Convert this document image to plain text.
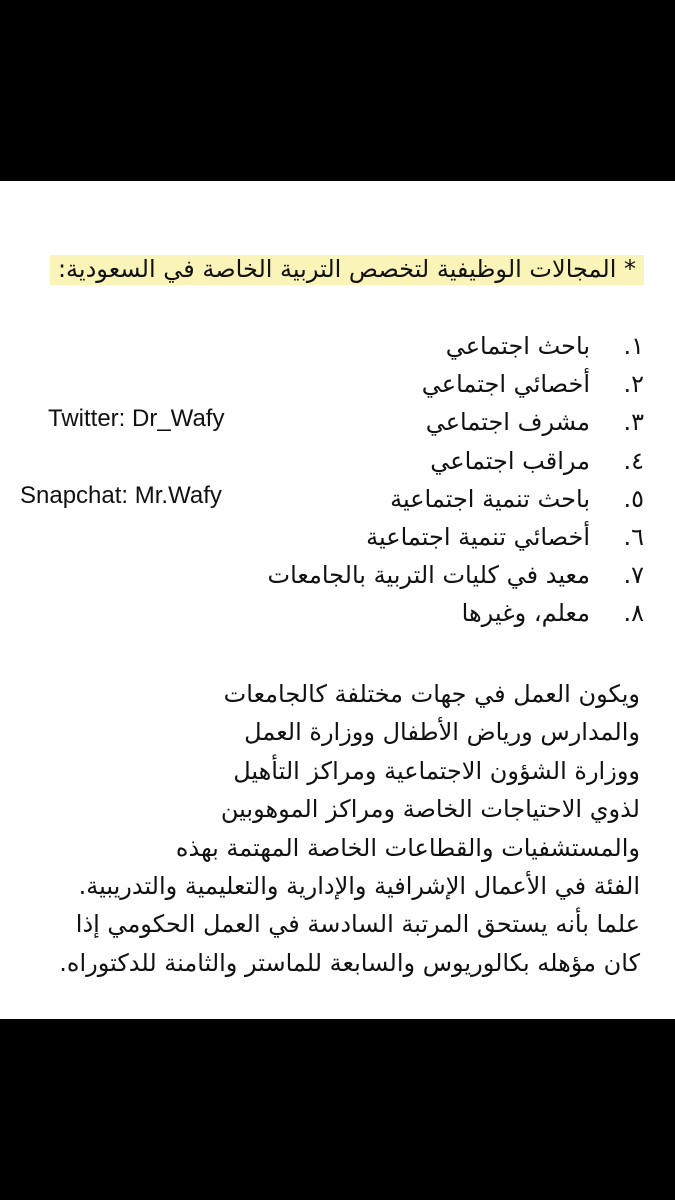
* المجالات الوظيفية لتخصص التربية الخاصة في السعودية:
١.باحث اجتماعي
٢.أخصائي اجتماعي
٣.مشرف اجتماعي
٤.مراقب اجتماعي
٥.باحث تنمية اجتماعية
٦.أخصائي تنمية اجتماعية
٧.معيد في كليات التربية بالجامعات
٨.معلم، وغيرها
Twitter: Dr_Wafy
Snapchat: Mr.Wafy

ويكون العمل في جهات مختلفة كالجامعات
والمدارس ورياض الأطفال ووزارة العمل
ووزارة الشؤون الاجتماعية ومراكز التأهيل
لذوي الاحتياجات الخاصة ومراكز الموهوبين
والمستشفيات والقطاعات الخاصة المهتمة بهذه
الفئة في الأعمال الإشرافية والإدارية والتعليمية والتدريبية.
علما بأنه يستحق المرتبة السادسة في العمل الحكومي إذا
كان مؤهله بكالوريوس والسابعة للماستر والثامنة للدكتوراه.
